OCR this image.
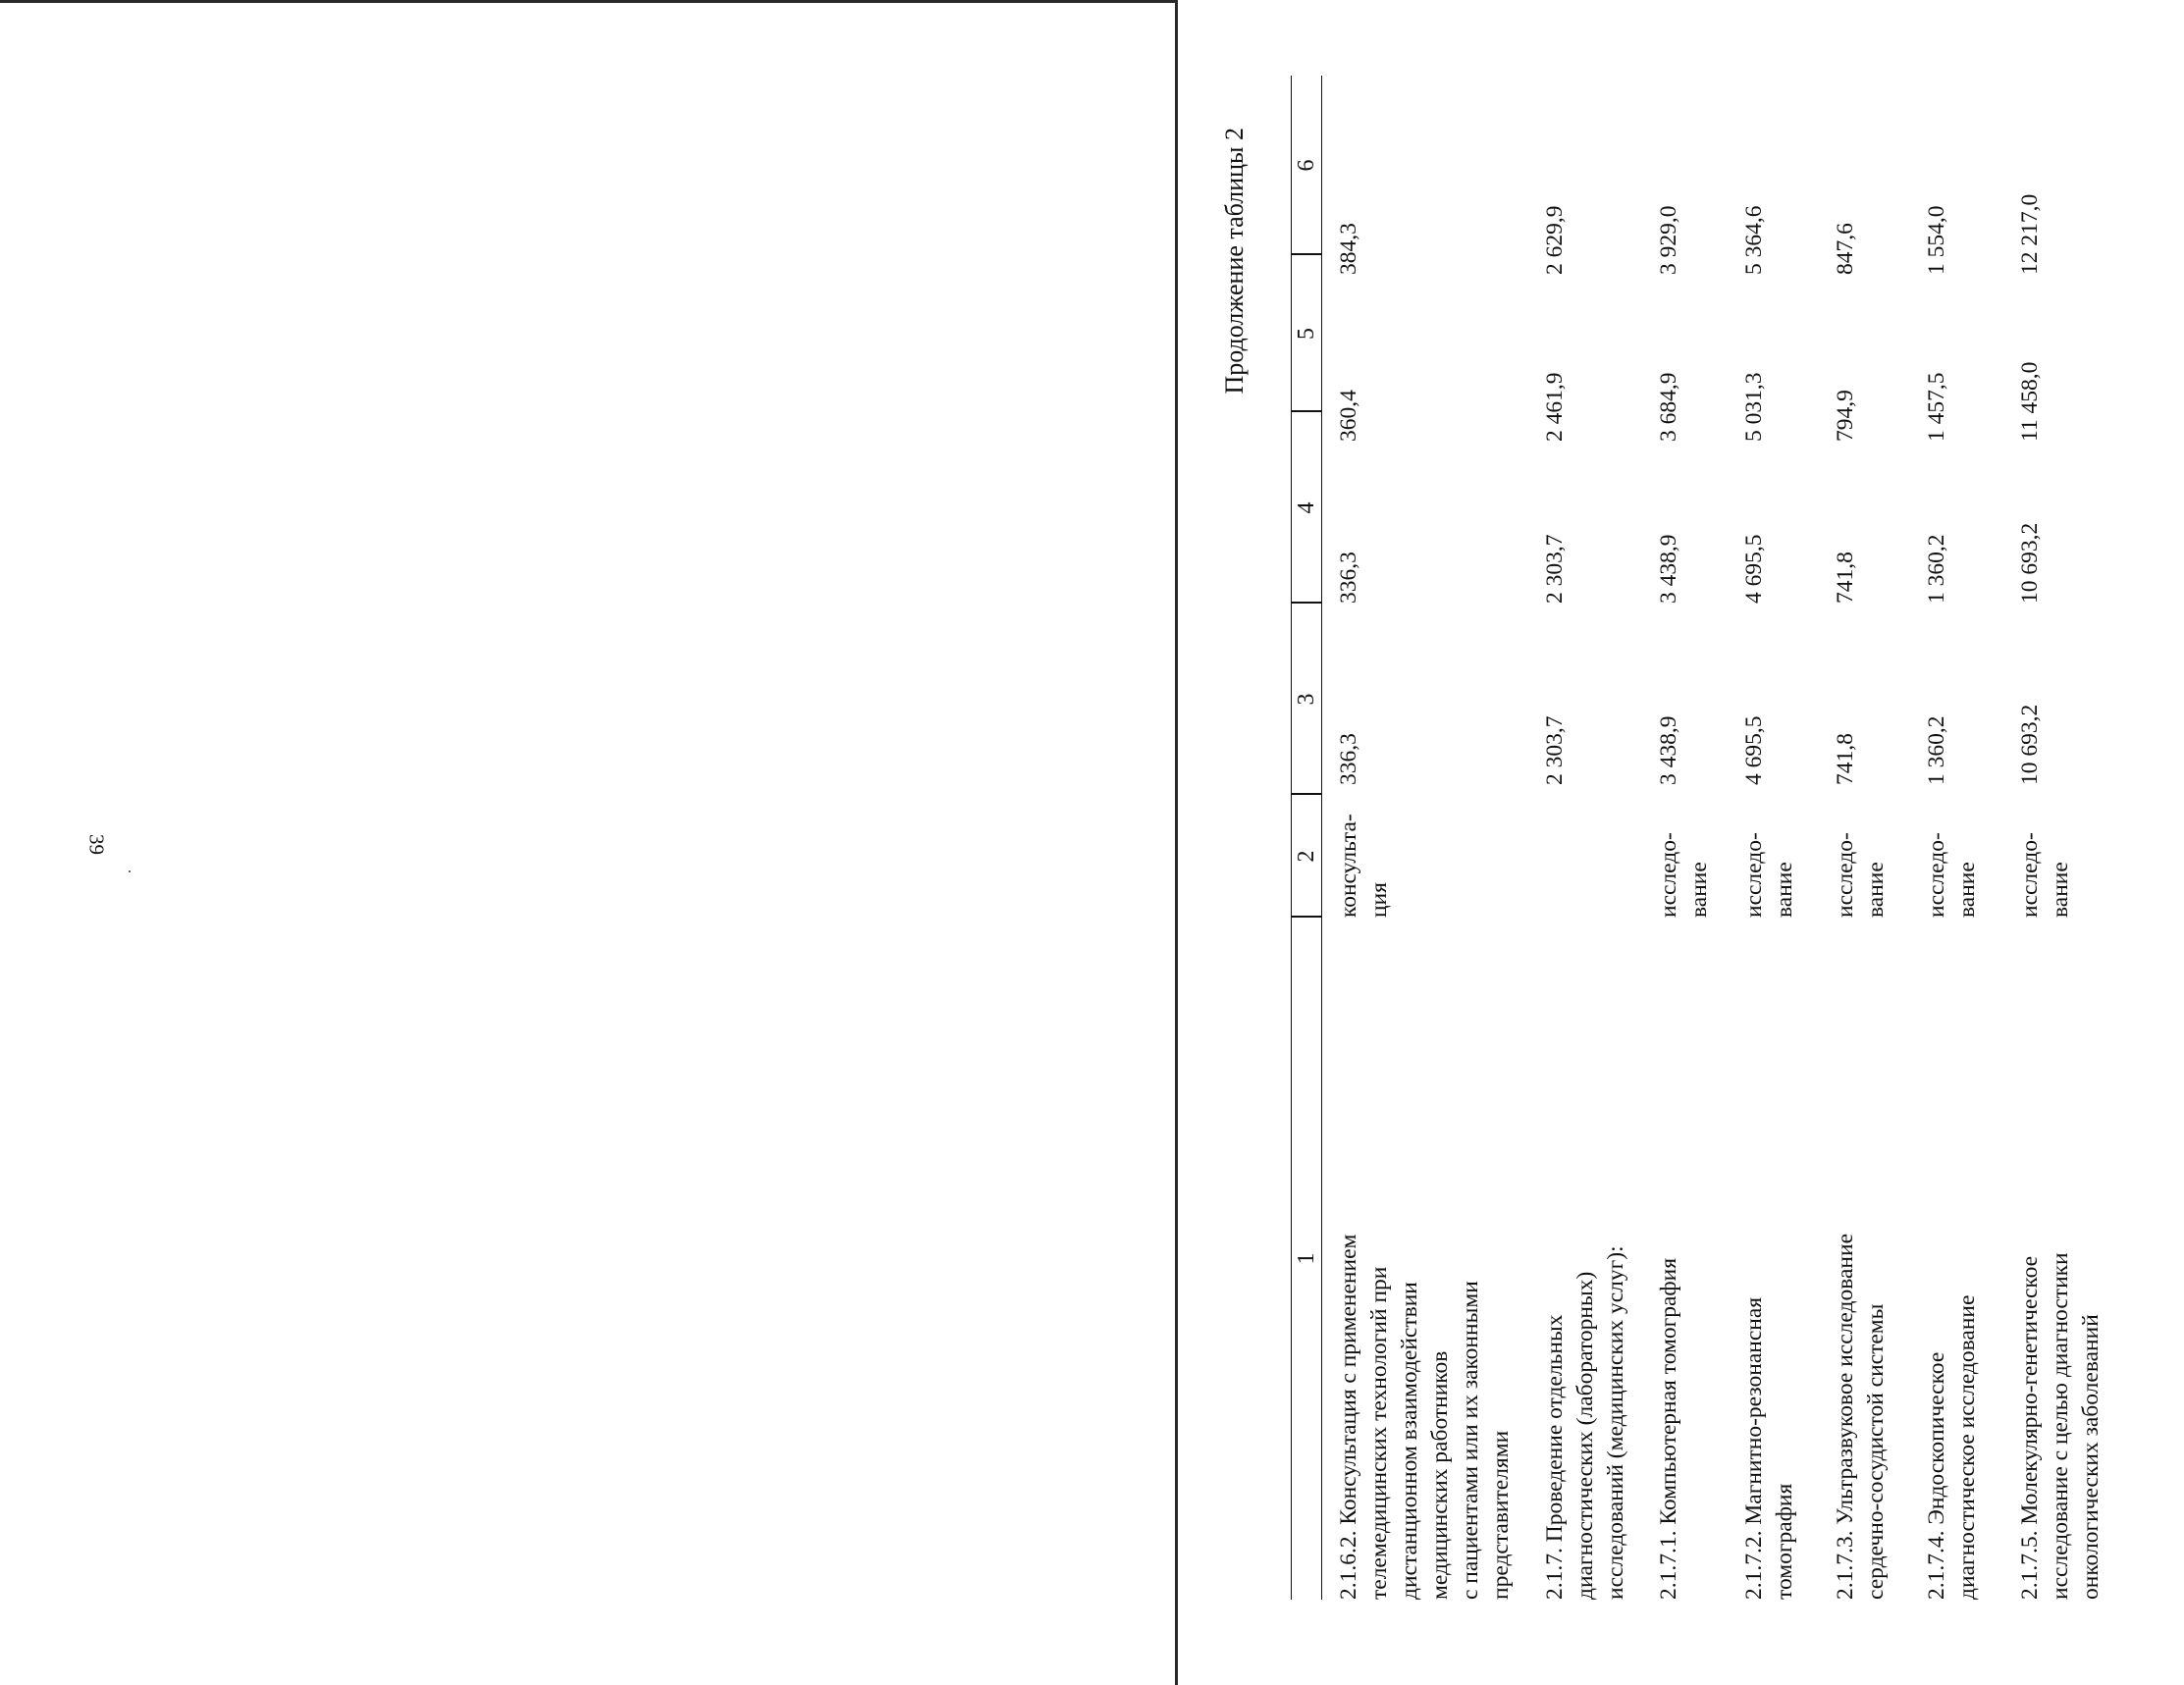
39
Продолжение таблицы 2
1
2
3
4
5
6
2.1.6.2. Консультация с применением телемедицинских технологий при дистанционном взаимодействии медицинских работников с пациентами или их законными представителями
консульта- ция
336,3
336,3
360,4
384,3
2.1.7. Проведение отдельных диагностических (лабораторных) исследований (медицинских услуг):
2 303,7
2 303,7
2 461,9
2 629,9
2.1.7.1. Компьютерная томография
исследо- вание
3 438,9
3 438,9
3 684,9
3 929,0
2.1.7.2. Магнитно-резонансная томография
исследо- вание
4 695,5
4 695,5
5 031,3
5 364,6
2.1.7.3. Ультразвуковое исследование сердечно-сосудистой системы
исследо- вание
741,8
741,8
794,9
847,6
2.1.7.4. Эндоскопическое диагностическое исследование
исследо- вание
1 360,2
1 360,2
1 457,5
1 554,0
2.1.7.5. Молекулярно-генетическое исследование с целью диагностики онкологических заболеваний
исследо- вание
10 693,2
10 693,2
11 458,0
12 217,0
